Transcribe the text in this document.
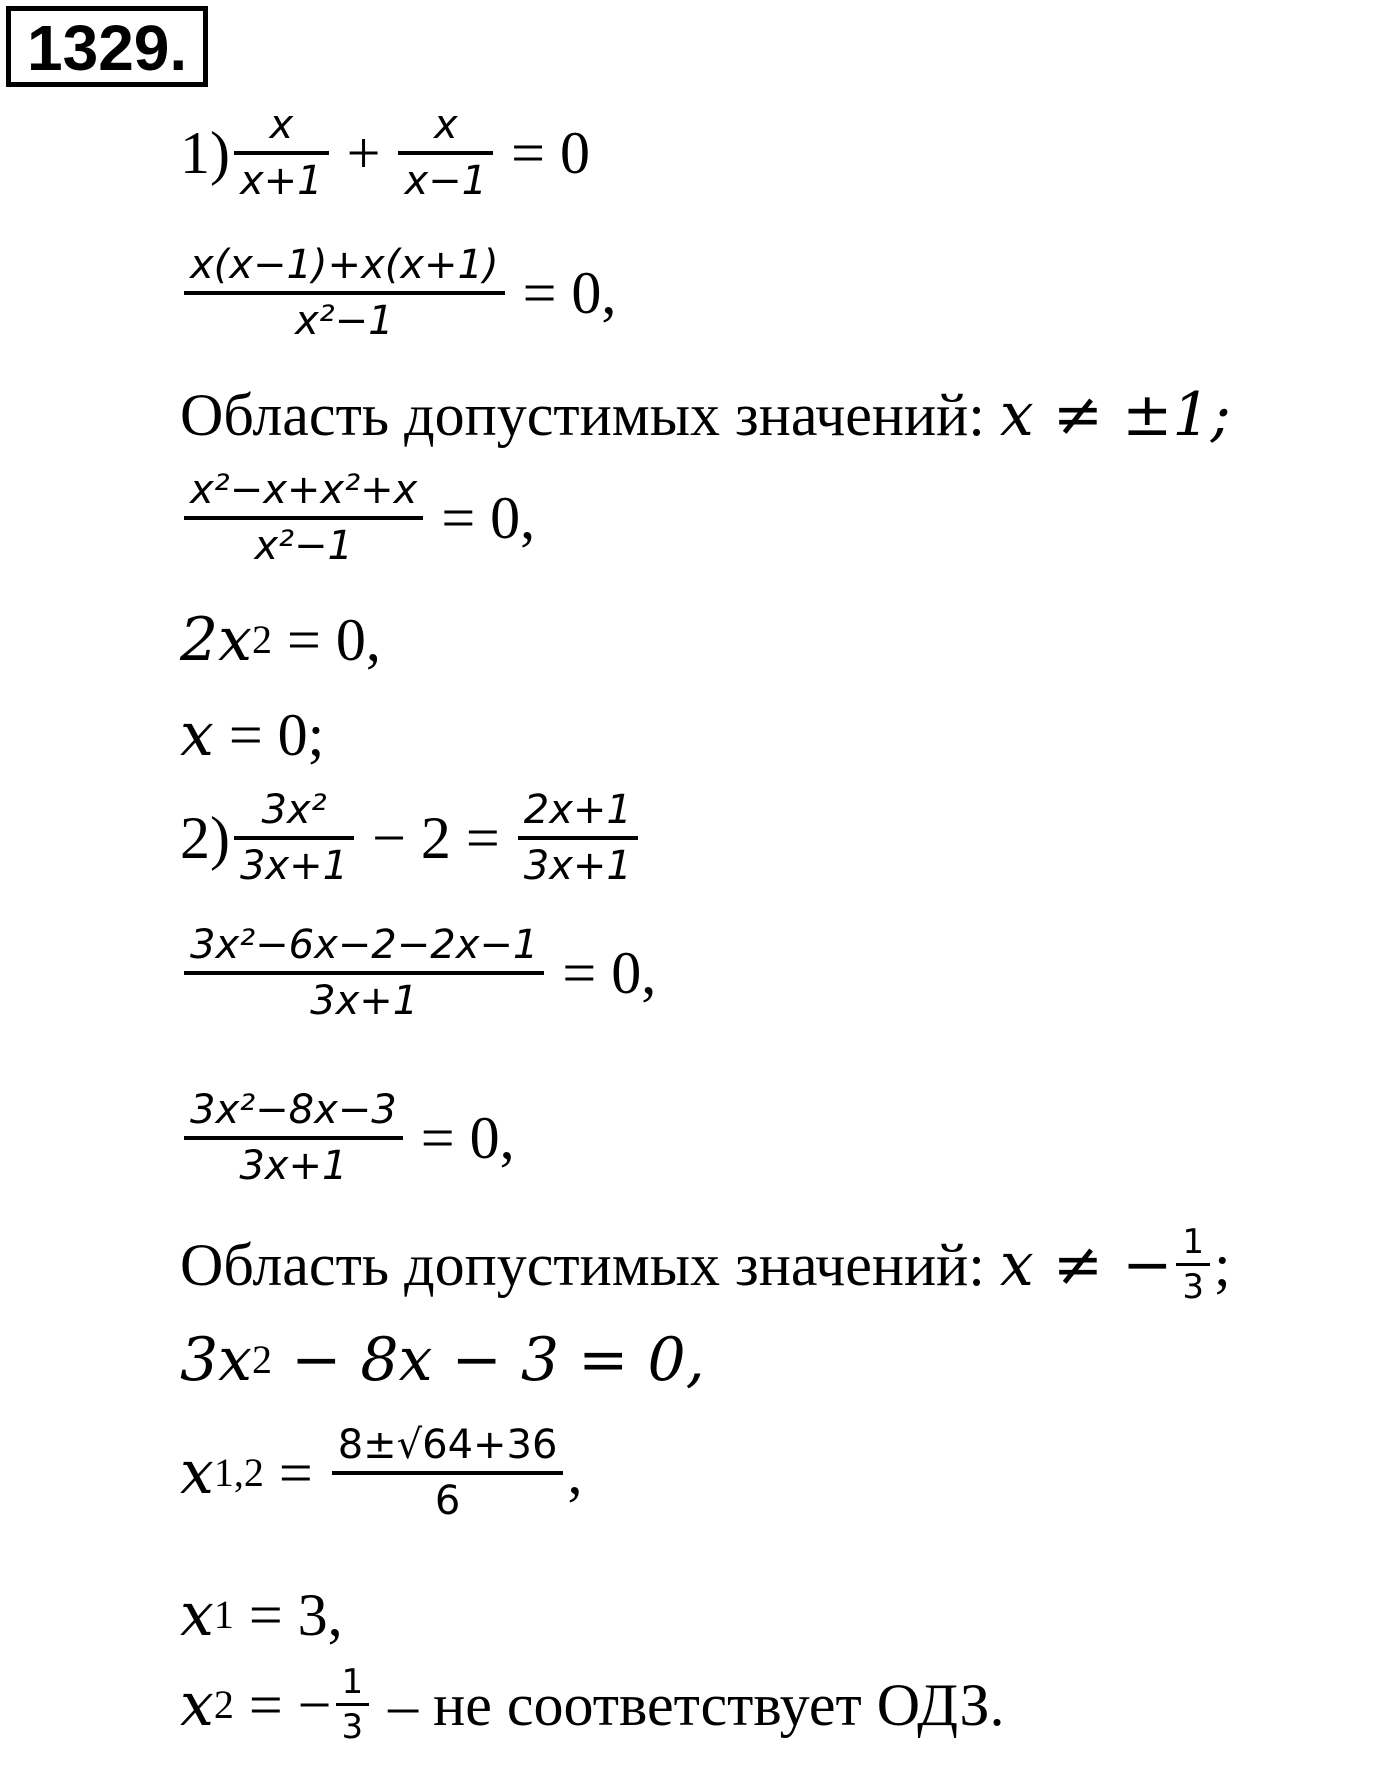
1329.
$1) \frac{x}{x+1} + \frac{x}{x-1} = 0$
$\frac{x(x-1)+x(x+1)}{\text{x²−1}} = 0$,
Область допустимых значений:
x ≠ ±1;
$\frac{\text{x²−x+x²+x}}{\text{x²−1}} = 0$,
2x 2 = 0,
x = 0;
$2) \frac{\text{3x²}}{3x+1} - 2 = \frac{2x+1}{3x+1}$
$\frac{\text{3x²−6x−2−2x−1}}{3x+1} = 0$,
$\frac{\text{3x²−8x−3}}{3x+1} = 0$,
Область допустимых значений:
x ≠ − $\frac{1}{3}$ ;
3x 2 − 8x − 3 = 0,
x $1,2 = \frac{8\pm√64+36}{6}$ ,
x 1 = 3,
x 2 = − $\frac{1}{3}$ – не соответствует ОДЗ.
